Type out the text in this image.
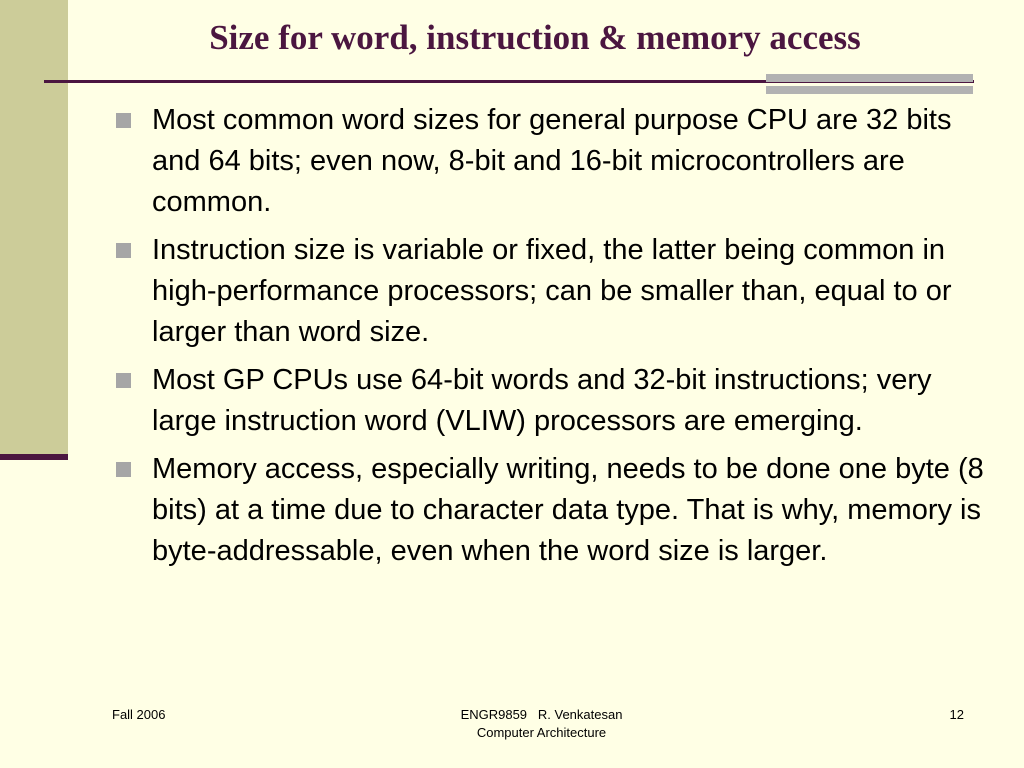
Size for word, instruction & memory access
Most common word sizes for general purpose CPU are 32 bits and 64 bits; even now, 8-bit and 16-bit microcontrollers are common.
Instruction size is variable or fixed, the latter being common in high-performance processors; can be smaller than, equal to or larger than word size.
Most GP CPUs use 64-bit words and 32-bit instructions; very large instruction word (VLIW) processors are emerging.
Memory access, especially writing, needs to be done one byte (8 bits) at a time due to character data type. That is why, memory is byte-addressable, even when the word size is larger.
Fall 2006	ENGR9859   R. Venkatesan
Computer Architecture
12
